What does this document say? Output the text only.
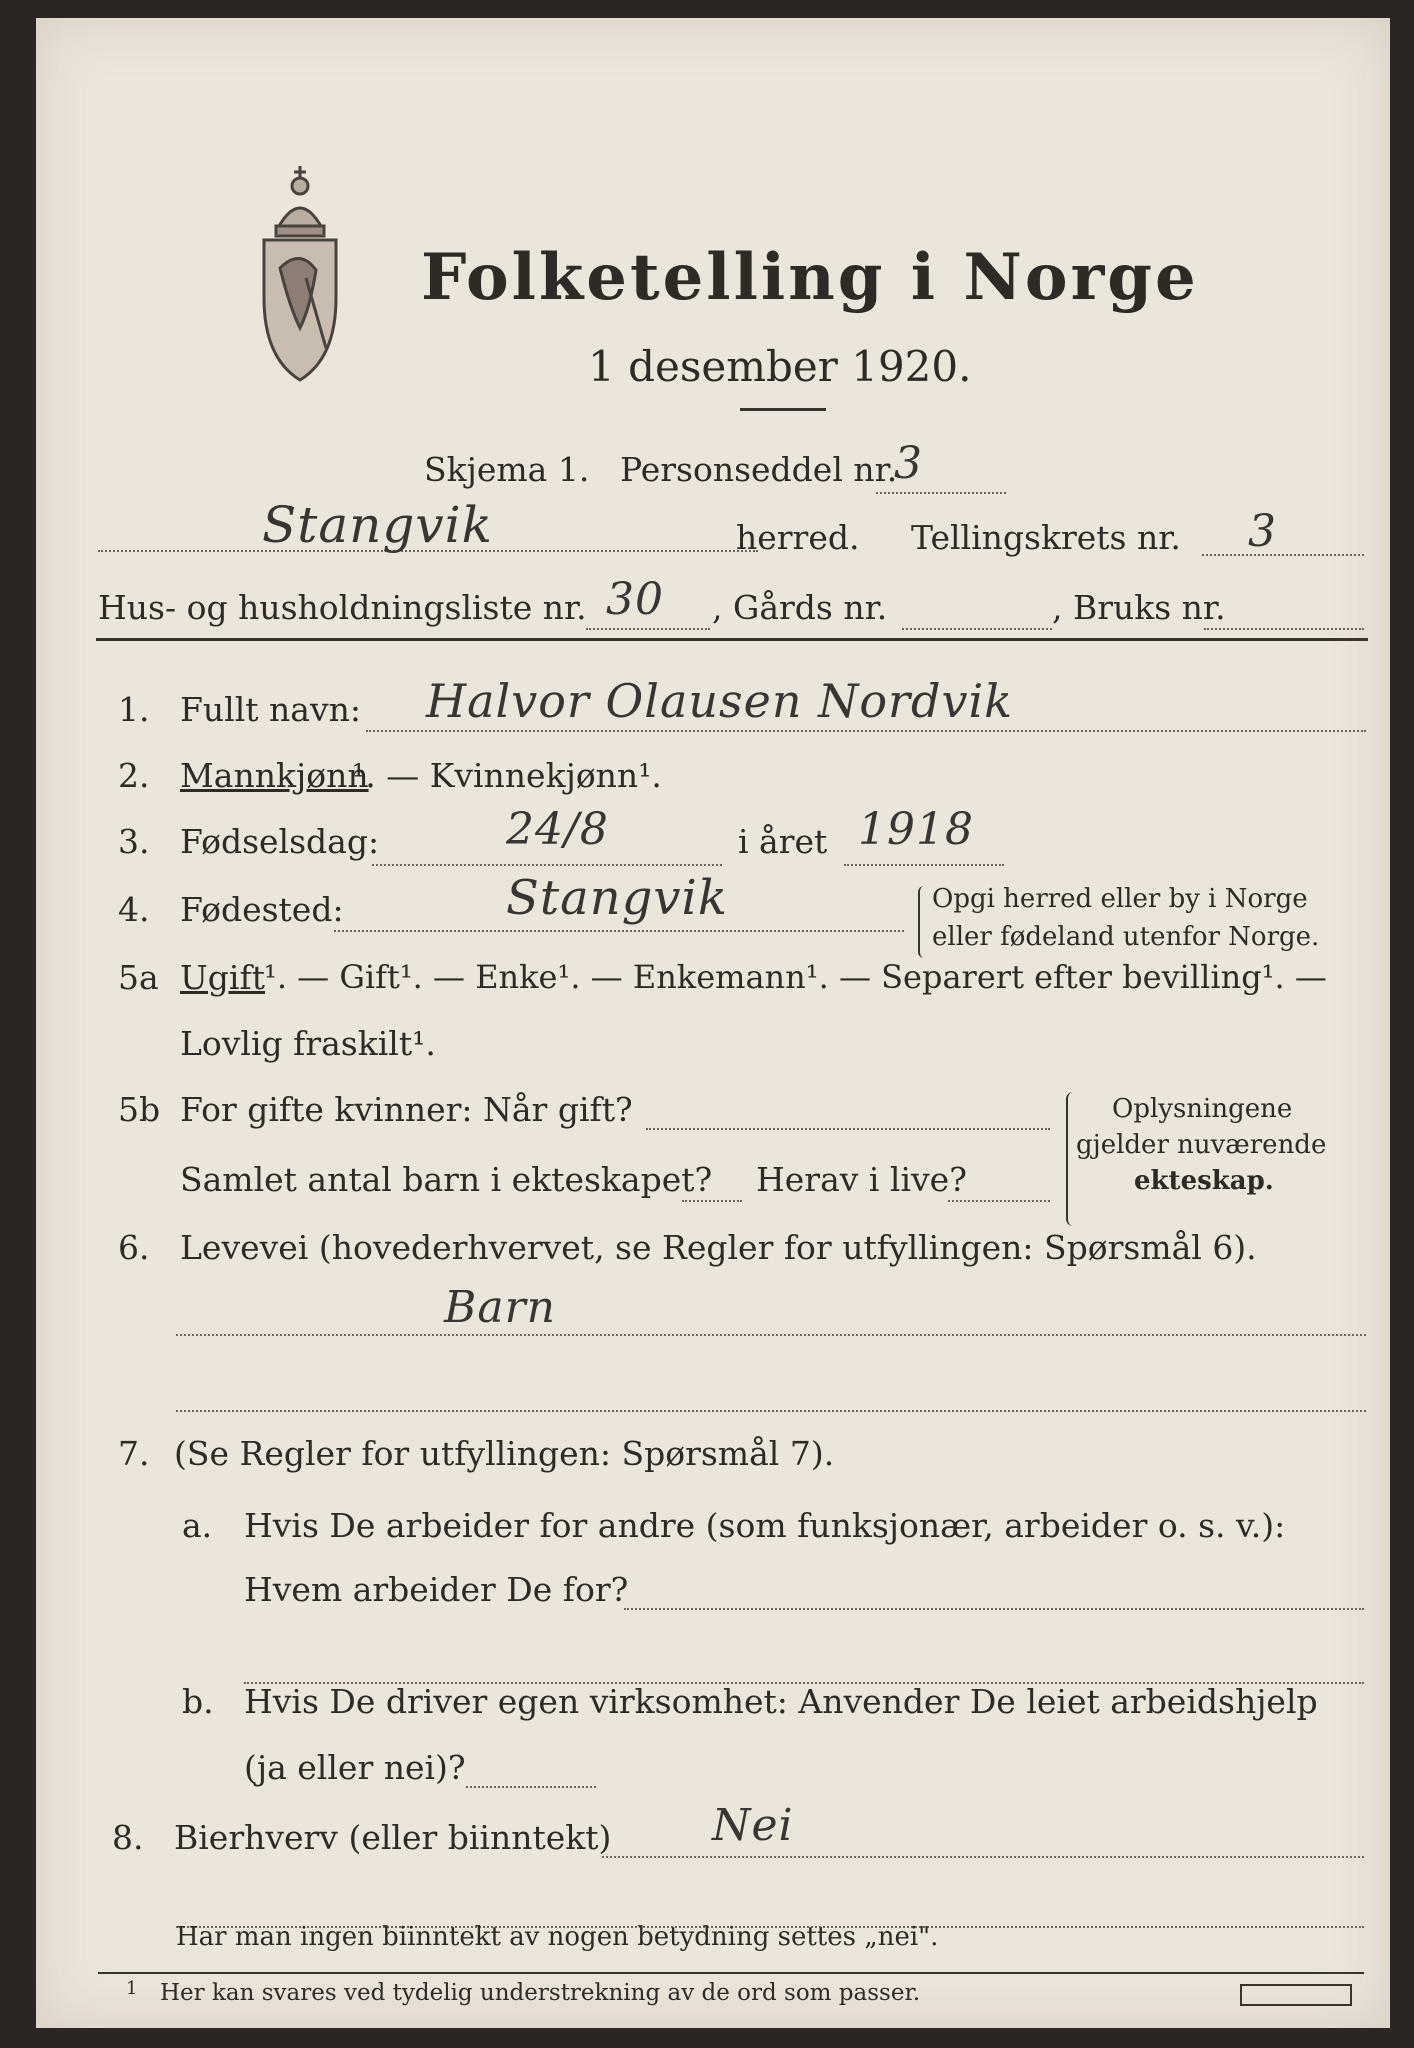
Folketelling i Norge
1 desember 1920.
Skjema 1. Personseddel nr.
3
Stangvik	herred. Tellingskrets nr. 3
Hus- og husholdningsliste nr. 30 , Gårds nr.	, Bruks nr.
1. Fullt navn: Halvor Olausen Nordvik
2. Mannkjønn
¹. — Kvinnekjønn¹.
3. Fødselsdag:	24/8	i året 1918
4. Fødested:	Stangvik	Opgi herred eller by i Norge
eller fødeland utenfor Norge.
5a Ugift ¹. — Gift¹. — Enke¹. — Enkemann¹. — Separert efter bevilling¹. —
Lovlig fraskilt¹.
5b For gifte kvinner: Når gift?
Samlet antal barn i ekteskapet? Herav i live?
Oplysningene
gjelder nuværende
ekteskap.
6. Levevei (hovederhvervet, se Regler for utfyllingen: Spørsmål 6).
Barn
7. (Se Regler for utfyllingen: Spørsmål 7).
a. Hvis De arbeider for andre (som funksjonær, arbeider o. s. v.):
Hvem arbeider De for?
b. Hvis De driver egen virksomhet: Anvender De leiet arbeidshjelp
(ja eller nei)?
8. Bierhverv (eller biinntekt) Nei
Har man ingen biinntekt av nogen betydning settes „nei".
1 Her kan svares ved tydelig understrekning av de ord som passer.
